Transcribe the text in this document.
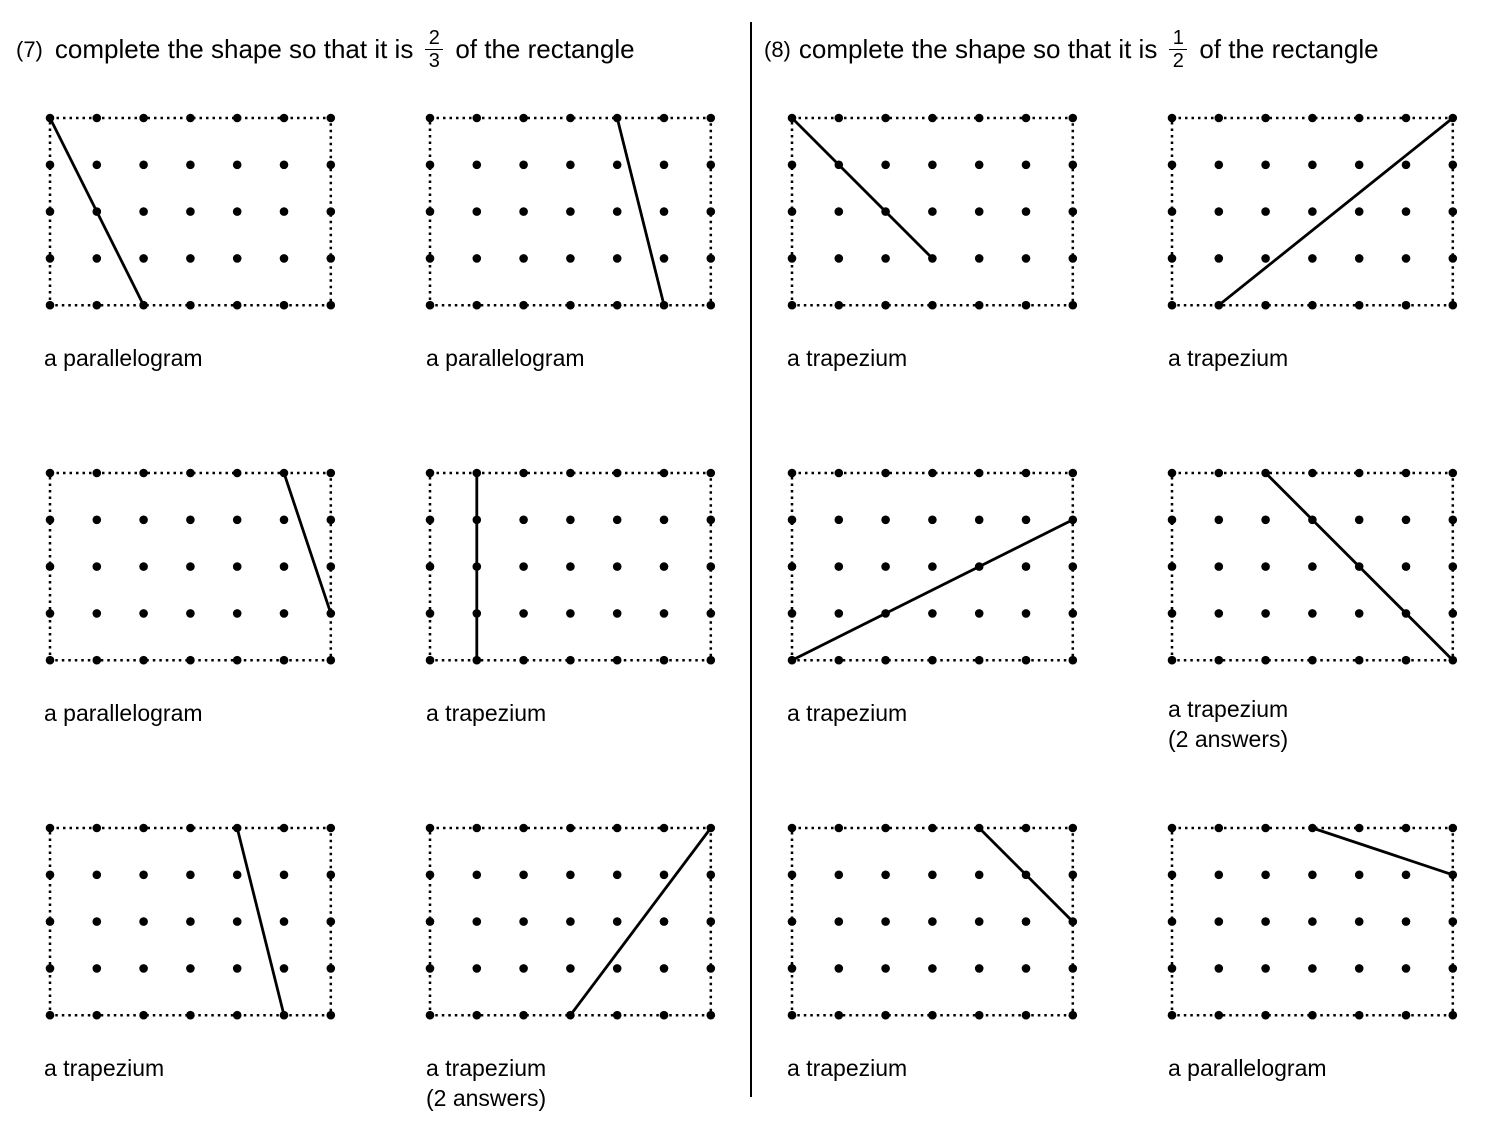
(7) complete the shape so that it is $\frac{2}{3}$ of the rectangle	(8) complete the shape so that it is $\frac{1}{2}$ of the rectangle
a parallelogram	a parallelogram	a trapezium	a trapezium
a parallelogram	a trapezium	a trapezium	a trapezium
(2 answers)
a trapezium	a trapezium
(2 answers)
a trapezium	a parallelogram
